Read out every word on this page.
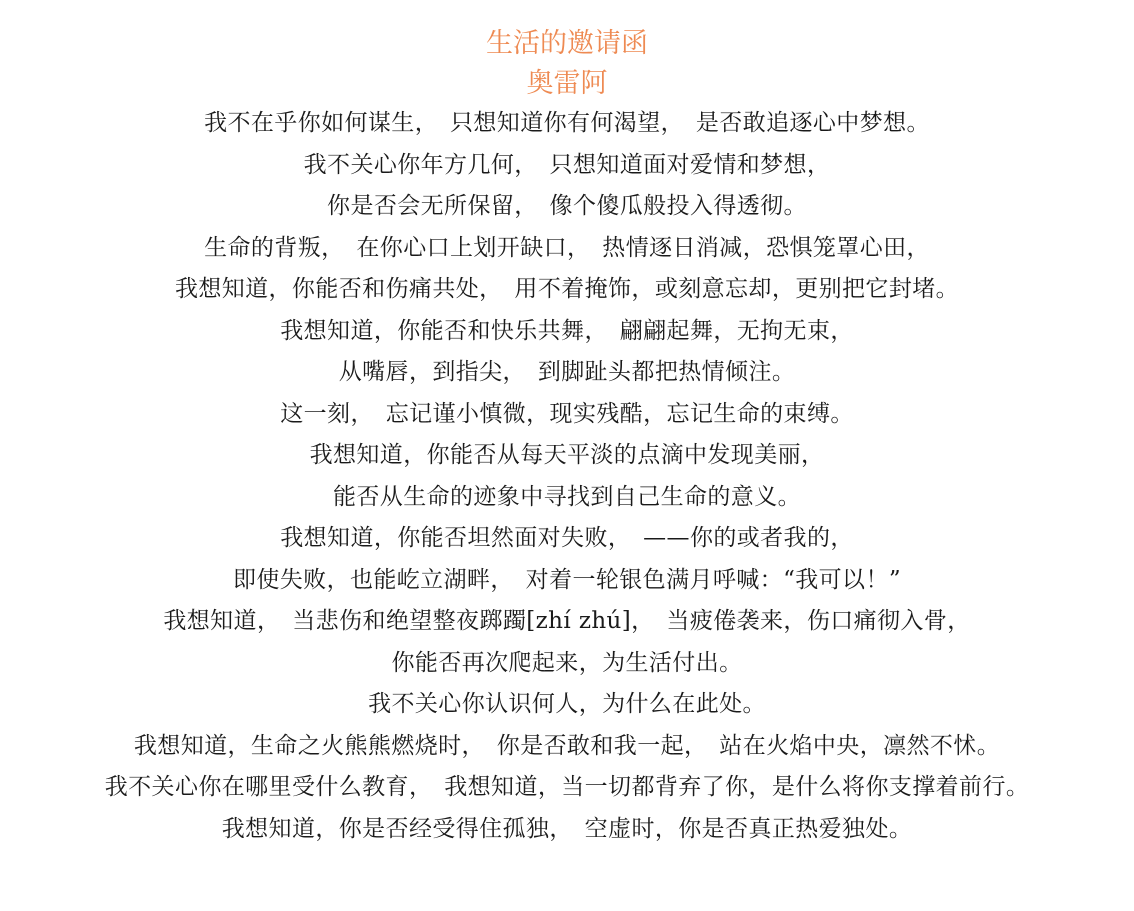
生活的邀请函
奥雷阿
我不在乎你如何谋生，　只想知道你有何渴望，　是否敢追逐心中梦想。
我不关心你年方几何，　只想知道面对爱情和梦想，
你是否会无所保留，　像个傻瓜般投入得透彻。
生命的背叛，　在你心口上划开缺口，　热情逐日消减，恐惧笼罩心田，
我想知道，你能否和伤痛共处，　用不着掩饰，或刻意忘却，更别把它封堵。
我想知道，你能否和快乐共舞，　翩翩起舞，无拘无束，
从嘴唇，到指尖，　到脚趾头都把热情倾注。
这一刻，　忘记谨小慎微，现实残酷，忘记生命的束缚。
我想知道，你能否从每天平淡的点滴中发现美丽，
能否从生命的迹象中寻找到自己生命的意义。
我想知道，你能否坦然面对失败，　——你的或者我的，
即使失败，也能屹立湖畔，　对着一轮银色满月呼喊：“我可以！”
我想知道，　当悲伤和绝望整夜踯躅[zhí zhú]，　当疲倦袭来，伤口痛彻入骨，
你能否再次爬起来，为生活付出。
我不关心你认识何人，为什么在此处。
我想知道，生命之火熊熊燃烧时，　你是否敢和我一起，　站在火焰中央，凛然不怵。
我不关心你在哪里受什么教育，　我想知道，当一切都背弃了你，是什么将你支撑着前行。
我想知道，你是否经受得住孤独，　空虚时，你是否真正热爱独处。
